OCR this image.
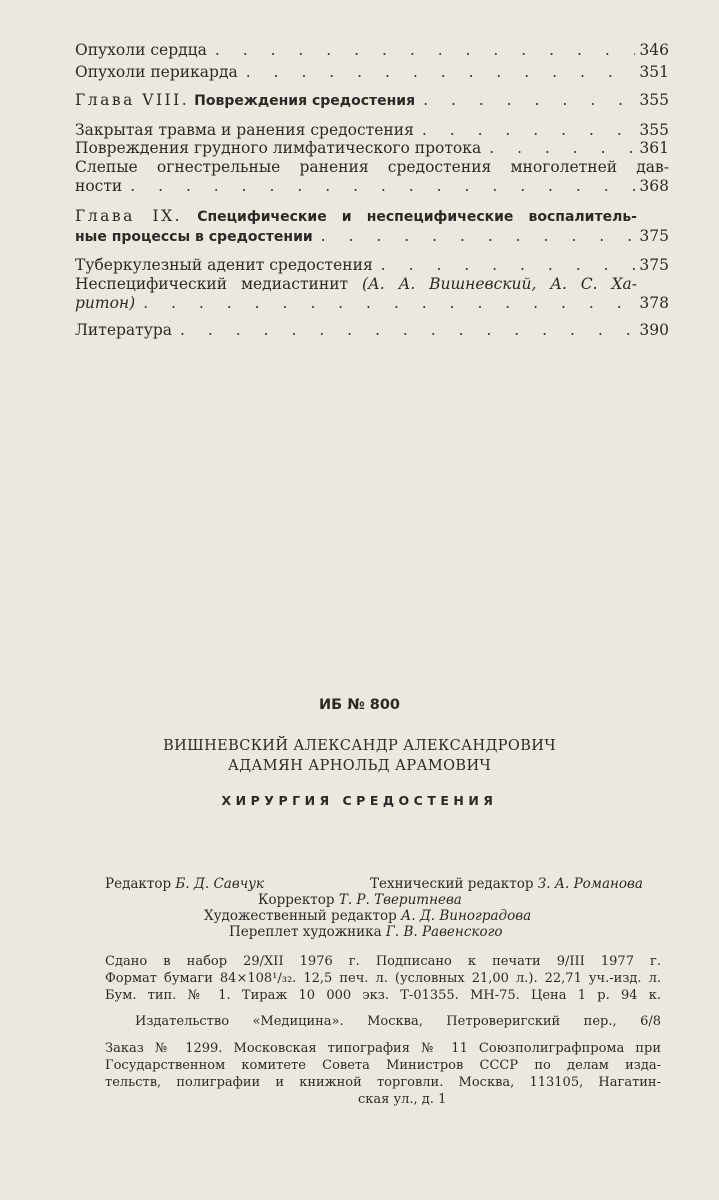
Опухоли сердца . . .	346
Опухоли перикарда . . .	351
Глава VIII. Повреждения средостения . . .	355
Закрытая травма и ранения средостения . . .	355
Повреждения грудного лимфатического протока . . .	361
Слепые огнестрельные ранения средостения многолетней дав-
ности . . .	368
Глава IX. Специфические и неспецифические воспалитель-
ные процессы в средостении . . .	375
Туберкулезный аденит средостения . . .	375
Неспецифический медиастинит (А. А. Вишневский, А. С. Ха-
ритон) . . .	378
Литература . . .	390
ИБ № 800
ВИШНЕВСКИЙ АЛЕКСАНДР АЛЕКСАНДРОВИЧ
АДАМЯН АРНОЛЬД АРАМОВИЧ
ХИРУРГИЯ СРЕДОСТЕНИЯ
Редактор Б. Д. Савчук	Технический редактор З. А. Романова
Корректор Т. Р. Тверитнева
Художественный редактор А. Д. Виноградова
Переплет художника Г. В. Равенского
Сдано в набор 29/XII 1976 г. Подписано к печати 9/III 1977 г.
Формат бумаги 84×108¹/₃₂. 12,5 печ. л. (условных 21,00 л.). 22,71 уч.-изд. л.
Бум. тип. № 1. Тираж 10 000 экз. Т-01355. МН-75. Цена 1 р. 94 к.
Издательство «Медицина». Москва, Петроверигский пер., 6/8
Заказ № 1299. Московская типография № 11 Союзполиграфпрома при
Государственном комитете Совета Министров СССР по делам изда-
тельств, полиграфии и книжной торговли. Москва, 113105, Нагатин-
ская ул., д. 1
